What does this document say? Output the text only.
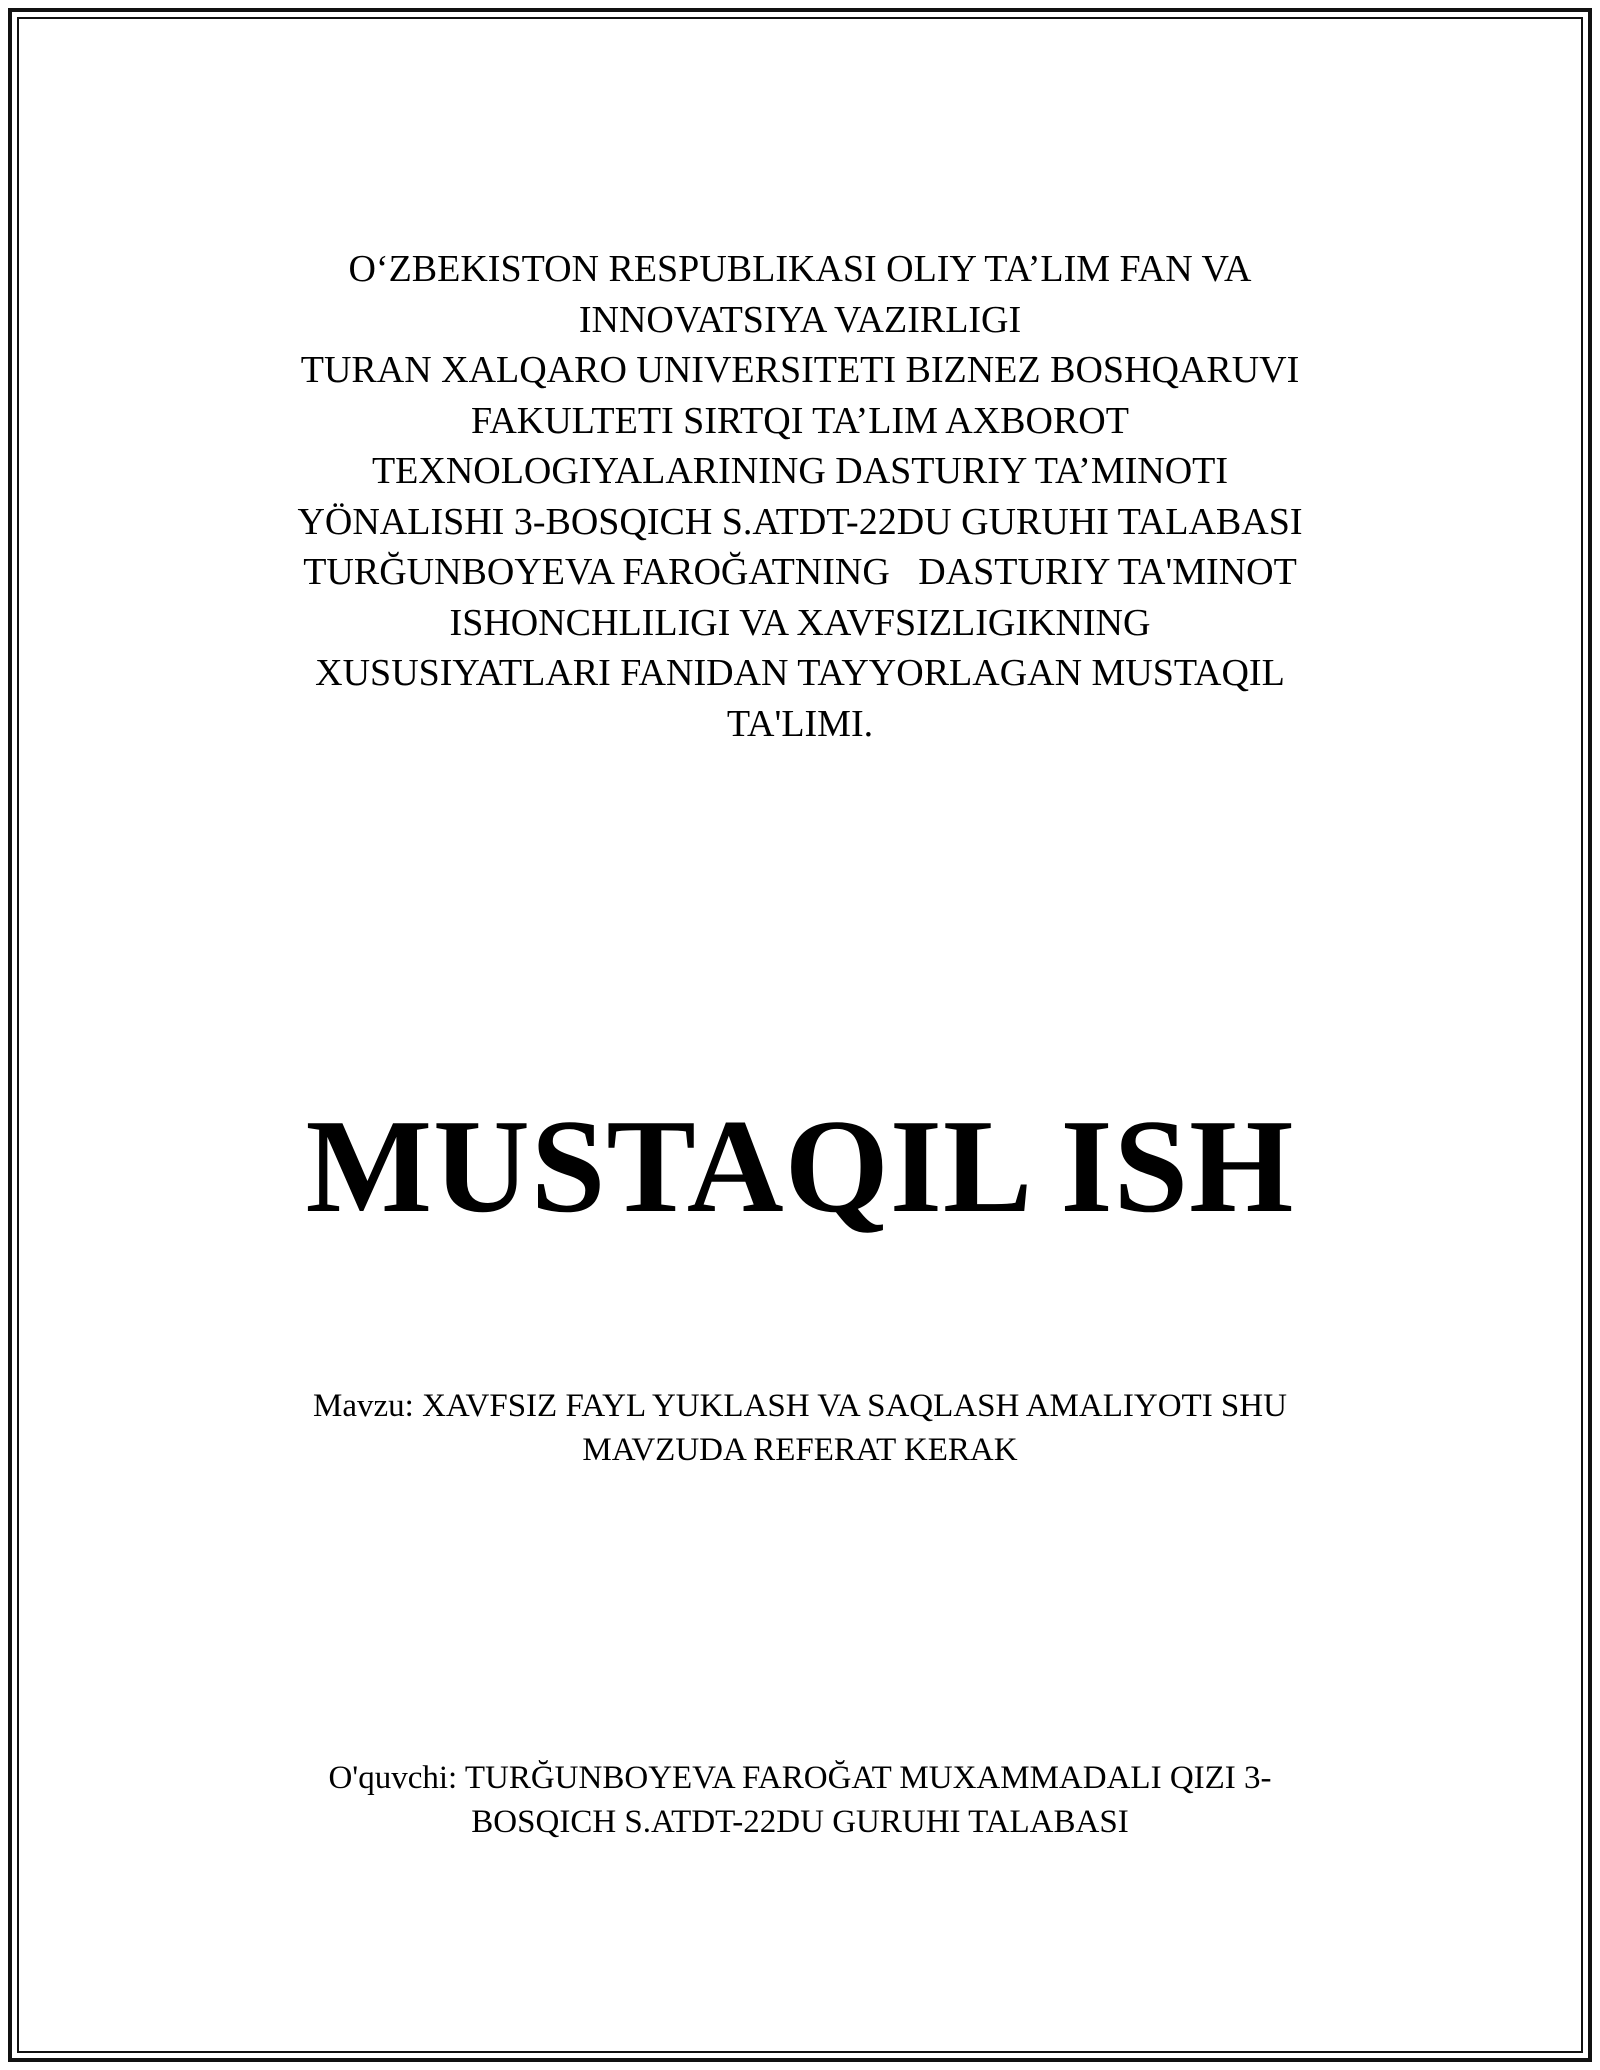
O‘ZBEKISTON RESPUBLIKASI OLIY TA’LIM FAN VA
INNOVATSIYA VAZIRLIGI
TURAN XALQARO UNIVERSITETI BIZNEZ BOSHQARUVI
FAKULTETI SIRTQI TA’LIM AXBOROT
TEXNOLOGIYALARINING DASTURIY TA’MINOTI
YÖNALISHI 3-BOSQICH S.ATDT-22DU GURUHI TALABASI
TURĞUNBOYEVA FAROĞATNING   DASTURIY TA'MINOT
ISHONCHLILIGI VA XAVFSIZLIGIKNING
XUSUSIYATLARI FANIDAN TAYYORLAGAN MUSTAQIL
TA'LIMI.
MUSTAQIL ISH
Mavzu: XAVFSIZ FAYL YUKLASH VA SAQLASH AMALIYOTI SHU
MAVZUDA REFERAT KERAK
O'quvchi: TURĞUNBOYEVA FAROĞAT MUXAMMADALI QIZI 3-
BOSQICH S.ATDT-22DU GURUHI TALABASI
